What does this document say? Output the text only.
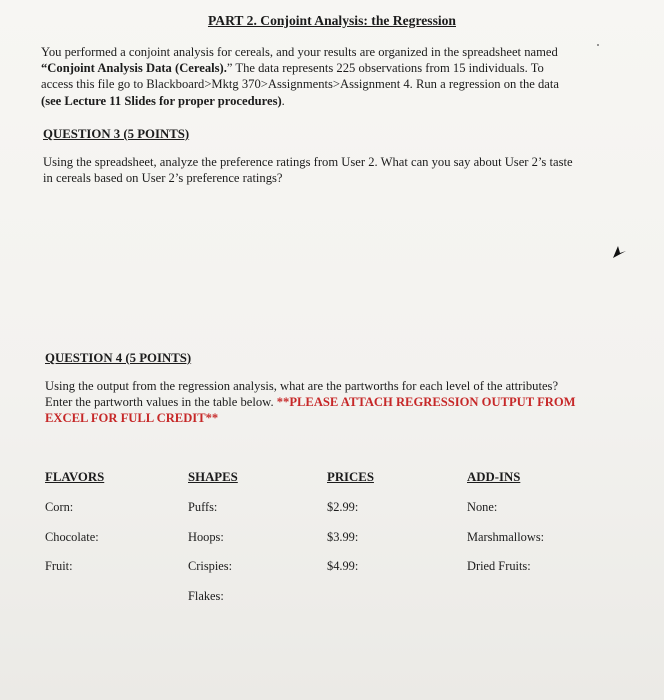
PART 2. Conjoint Analysis: the Regression

You performed a conjoint analysis for cereals, and your results are organized in the spreadsheet named
“Conjoint Analysis Data (Cereals).” The data represents 225 observations from 15 individuals. To
access this file go to Blackboard>Mktg 370>Assignments>Assignment 4. Run a regression on the data
(see Lecture 11 Slides for proper procedures).

QUESTION 3 (5 POINTS)

Using the spreadsheet, analyze the preference ratings from User 2. What can you say about User 2’s taste
in cereals based on User 2’s preference ratings?

QUESTION 4 (5 POINTS)

Using the output from the regression analysis, what are the partworths for each level of the attributes?
Enter the partworth values in the table below. **PLEASE ATTACH REGRESSION OUTPUT FROM
EXCEL FOR FULL CREDIT**

FLAVORS
Corn:
Chocolate:
Fruit:
SHAPES
Puffs:
Hoops:
Crispies:
Flakes:
PRICES
$2.99:
$3.99:
$4.99:
ADD-INS
None:
Marshmallows:
Dried Fruits:
